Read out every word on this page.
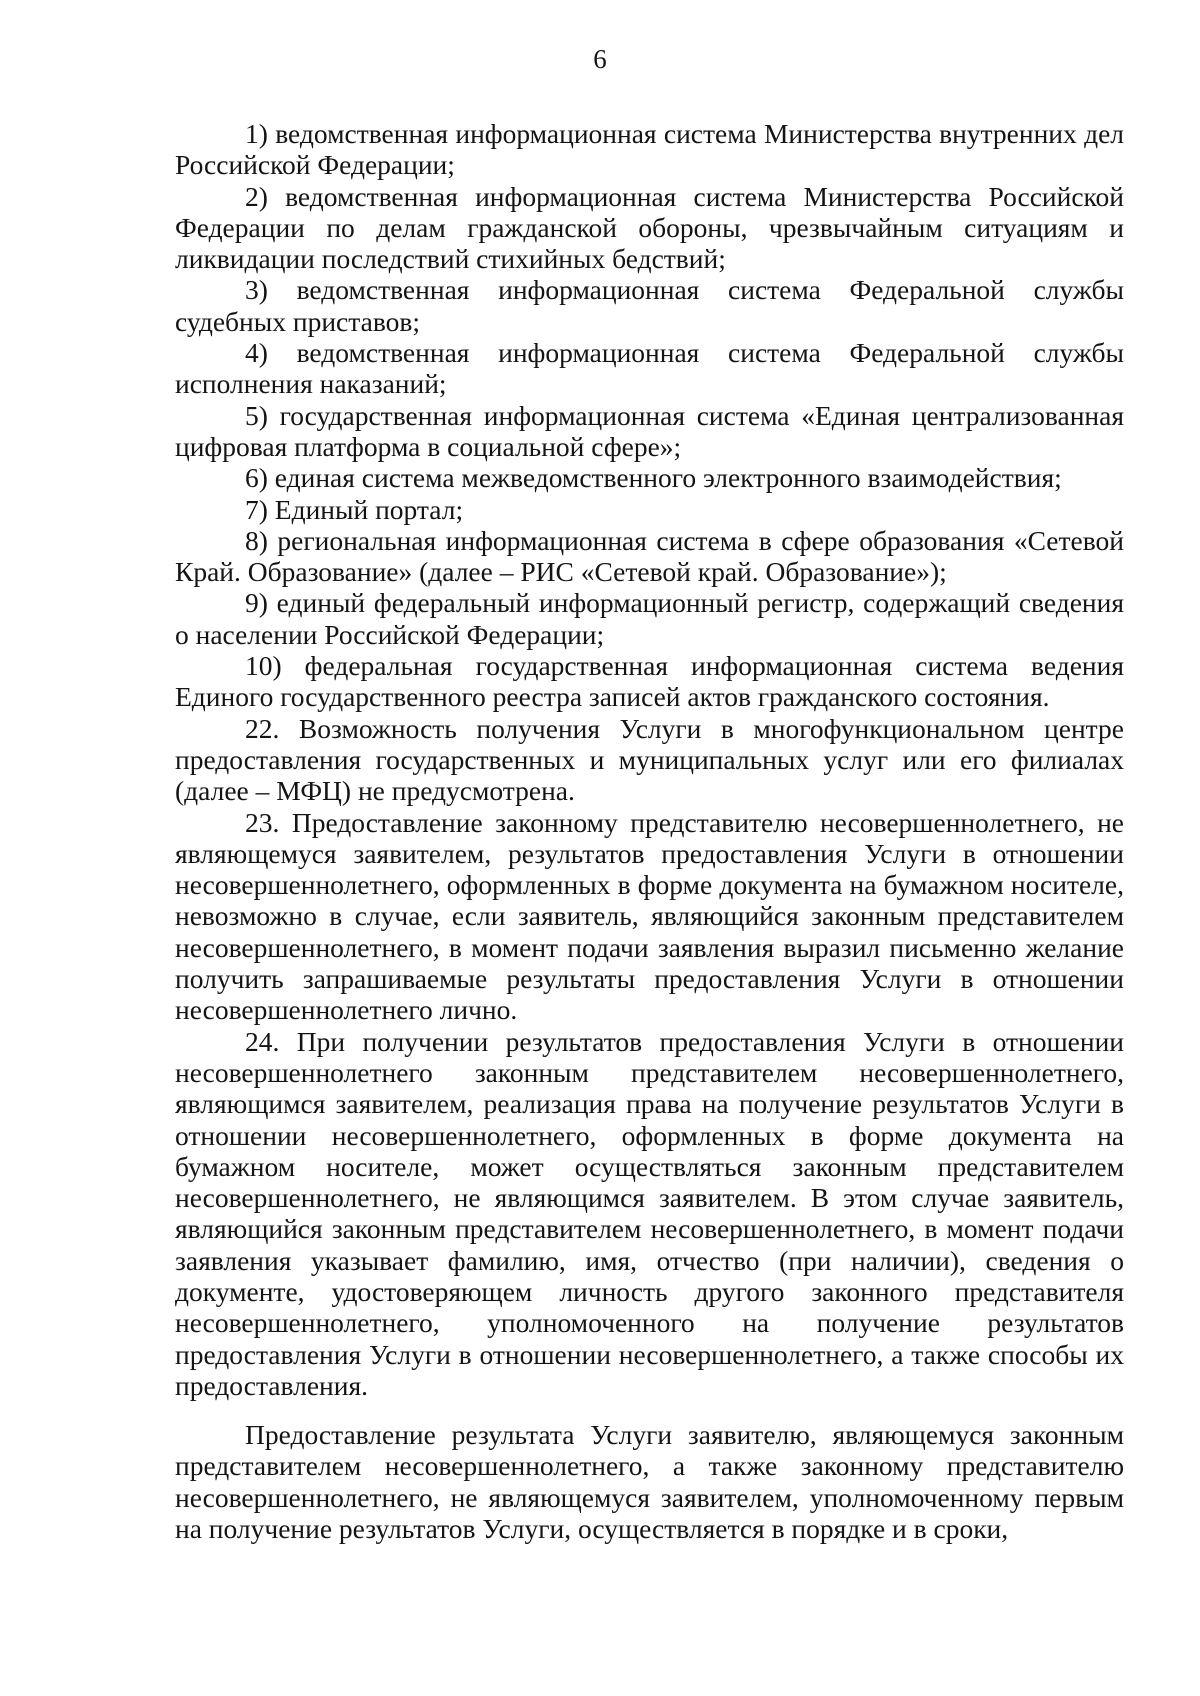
6

1) ведомственная информационная система Министерства внутренних дел Российской Федерации;

2) ведомственная информационная система Министерства Российской Федерации по делам гражданской обороны, чрезвычайным ситуациям и ликвидации последствий стихийных бедствий;

3) ведомственная информационная система Федеральной службы судебных приставов;

4) ведомственная информационная система Федеральной службы исполнения наказаний;

5) государственная информационная система «Единая централизованная цифровая платформа в социальной сфере»;

6) единая система межведомственного электронного взаимодействия;

7) Единый портал;

8) региональная информационная система в сфере образования «Сетевой Край. Образование» (далее – РИС «Сетевой край. Образование»);

9) единый федеральный информационный регистр, содержащий сведения о населении Российской Федерации;

10) федеральная государственная информационная система ведения Единого государственного реестра записей актов гражданского состояния.

22. Возможность получения Услуги в многофункциональном центре предоставления государственных и муниципальных услуг или его филиалах (далее – МФЦ) не предусмотрена.

23. Предоставление законному представителю несовершеннолетнего, не являющемуся заявителем, результатов предоставления Услуги в отношении несовершеннолетнего, оформленных в форме документа на бумажном носителе, невозможно в случае, если заявитель, являющийся законным представителем несовершеннолетнего, в момент подачи заявления выразил письменно желание получить запрашиваемые результаты предоставления Услуги в отношении несовершеннолетнего лично.

24. При получении результатов предоставления Услуги в отношении несовершеннолетнего законным представителем несовершеннолетнего, являющимся заявителем, реализация права на получение результатов Услуги в отношении несовершеннолетнего, оформленных в форме документа на бумажном носителе, может осуществляться законным представителем несовершеннолетнего, не являющимся заявителем. В этом случае заявитель, являющийся законным представителем несовершеннолетнего, в момент подачи заявления указывает фамилию, имя, отчество (при наличии), сведения о документе, удостоверяющем личность другого законного представителя несовершеннолетнего, уполномоченного на получение результатов предоставления Услуги в отношении несовершеннолетнего, а также способы их предоставления.

Предоставление результата Услуги заявителю, являющемуся законным представителем несовершеннолетнего, а также законному представителю несовершеннолетнего, не являющемуся заявителем, уполномоченному первым на получение результатов Услуги, осуществляется в порядке и в сроки,
